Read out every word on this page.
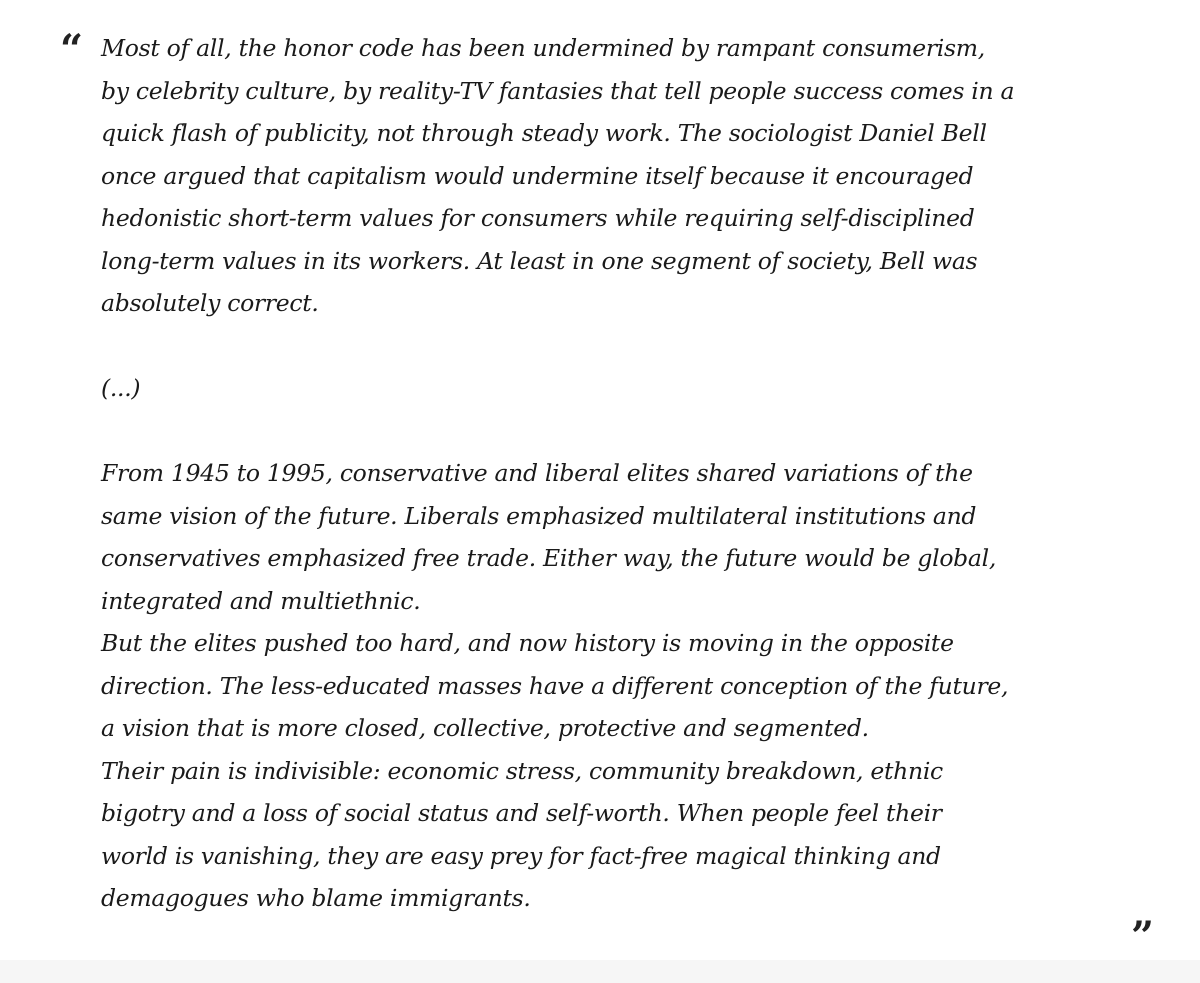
“ Most of all, the honor code has been undermined by rampant consumerism,
by celebrity culture, by reality-TV fantasies that tell people success comes in a
quick flash of publicity, not through steady work. The sociologist Daniel Bell
once argued that capitalism would undermine itself because it encouraged
hedonistic short-term values for consumers while requiring self-disciplined
long-term values in its workers. At least in one segment of society, Bell was
absolutely correct.
(...)
From 1945 to 1995, conservative and liberal elites shared variations of the
same vision of the future. Liberals emphasized multilateral institutions and
conservatives emphasized free trade. Either way, the future would be global,
integrated and multiethnic.
But the elites pushed too hard, and now history is moving in the opposite
direction. The less-educated masses have a different conception of the future,
a vision that is more closed, collective, protective and segmented.
Their pain is indivisible: economic stress, community breakdown, ethnic
bigotry and a loss of social status and self-worth. When people feel their
world is vanishing, they are easy prey for fact-free magical thinking and
demagogues who blame immigrants.
”
